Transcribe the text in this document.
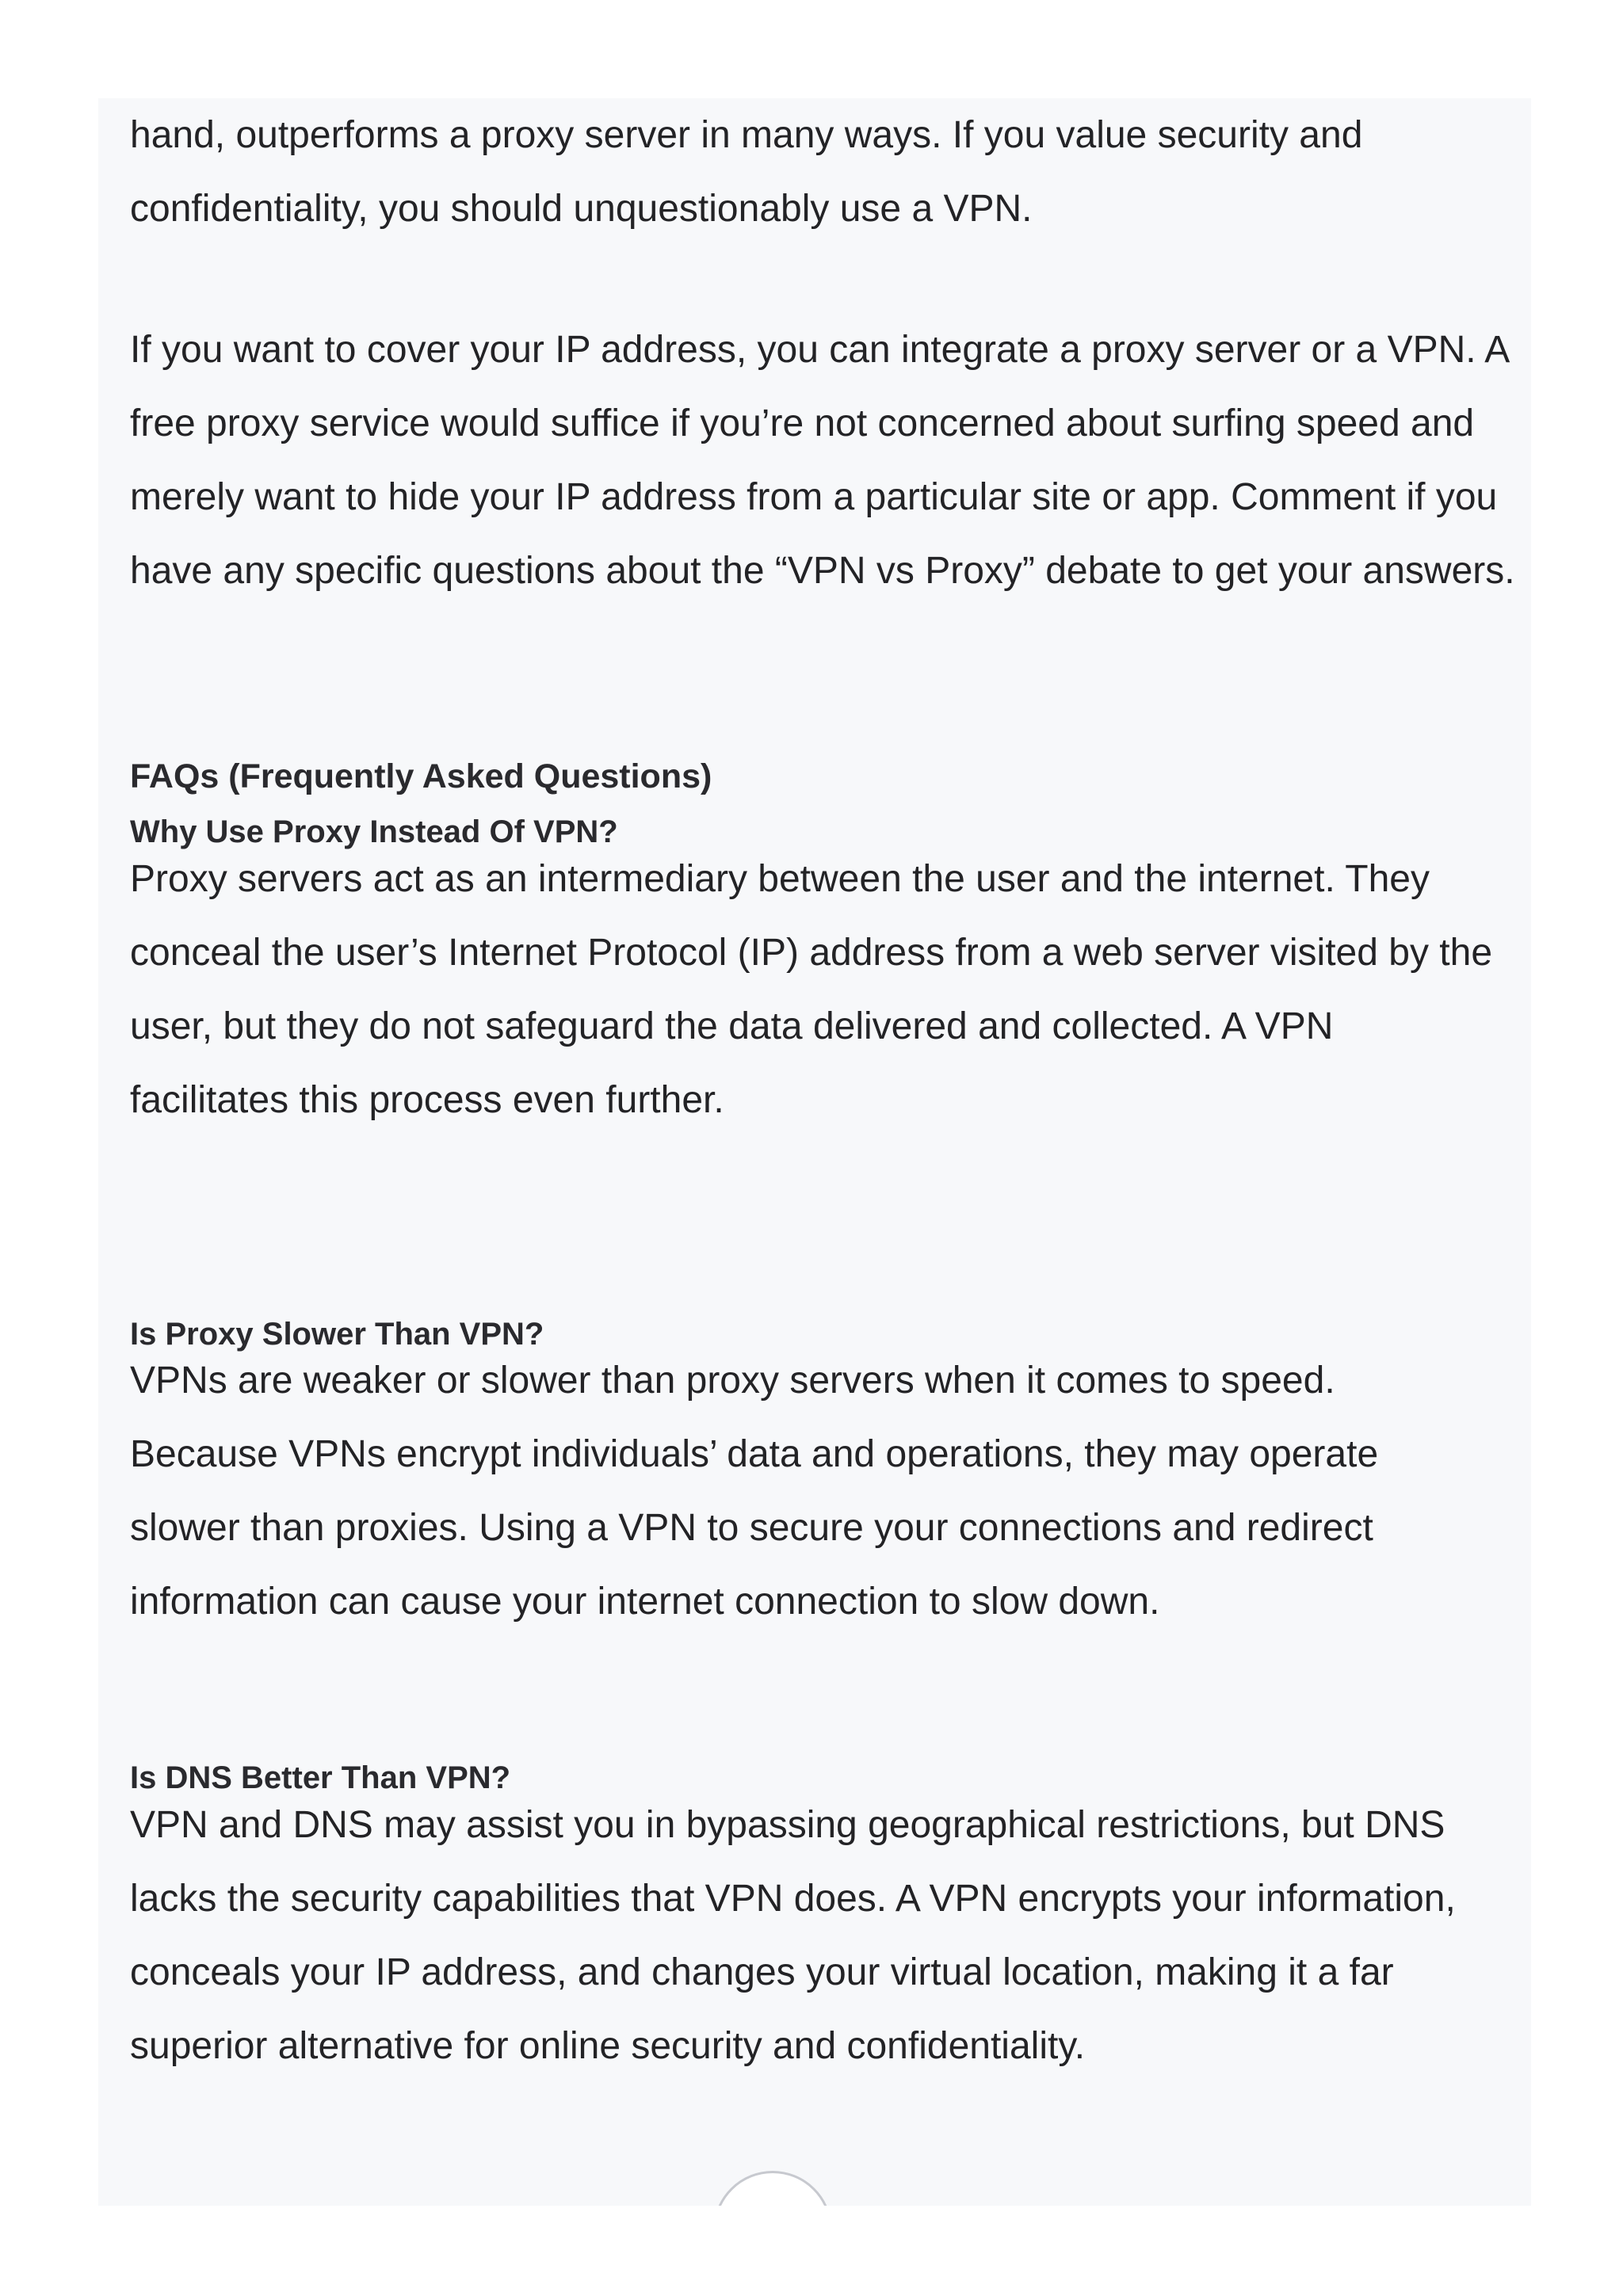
hand, outperforms a proxy server in many ways. If you value security and confidentiality, you should unquestionably use a VPN.

If you want to cover your IP address, you can integrate a proxy server or a VPN. A free proxy service would suffice if you’re not concerned about surfing speed and merely want to hide your IP address from a particular site or app. Comment if you have any specific questions about the “VPN vs Proxy” debate to get your answers.

FAQs (Frequently Asked Questions)
Why Use Proxy Instead Of VPN?

Proxy servers act as an intermediary between the user and the internet. They conceal the user’s Internet Protocol (IP) address from a web server visited by the user, but they do not safeguard the data delivered and collected. A VPN facilitates this process even further.

Is Proxy Slower Than VPN?

VPNs are weaker or slower than proxy servers when it comes to speed. Because VPNs encrypt individuals’ data and operations, they may operate slower than proxies. Using a VPN to secure your connections and redirect information can cause your internet connection to slow down.

Is DNS Better Than VPN?

VPN and DNS may assist you in bypassing geographical restrictions, but DNS lacks the security capabilities that VPN does. A VPN encrypts your information, conceals your IP address, and changes your virtual location, making it a far superior alternative for online security and confidentiality.
